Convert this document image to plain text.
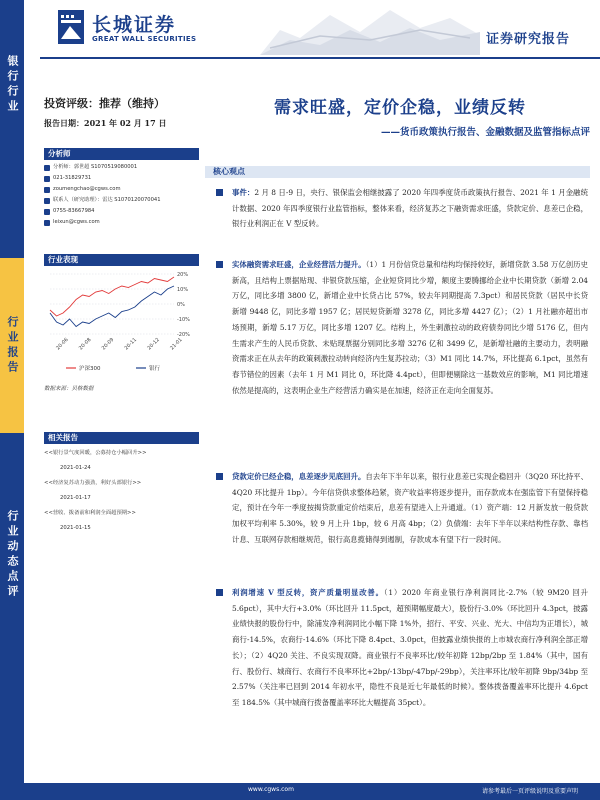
银行行业
行业报告
行业动态点评
长城证券
GREAT WALL SECURITIES	证券研究报告
投资评级：推荐（维持）
报告日期：2021 年 02 月 17 日
分析师
分析师：郭世超 S1070519080001
021-31829731
zoumengchao@cgws.com
联系人（研究助理）：雷达 S1070120070041
0755-83667984
leixun@cgws.com
行业表现
20%
10%
0%
-10%
-20%
20-06 20-08 20-09 20-11 20-12 21-01
沪深300	银行
数据来源：贝格数据
相关报告
<<银行景气度回暖，公募持仓小幅回升>>
2021-01-24
<<经济复苏动力强劲，利好头部银行>>
2021-01-17
<<营收、拨备前和利润全面超预期>>
2021-01-15
需求旺盛，定价企稳，业绩反转
——货币政策执行报告、金融数据及监管指标点评
核心观点
事件：2 月 8 日-9 日，央行、银保监会相继披露了 2020 年四季度货币政策执行报告、2021 年 1 月金融统计数据、2020 年四季度银行业监管指标，整体来看，经济复苏之下融资需求旺盛，贷款定价、息差已企稳，银行业利润正在 V 型反转。
实体融资需求旺盛，企业经营活力提升。（1）1 月份信贷总量和结构均保持较好，新增贷款 3.58 万亿创历史新高，且结构上票据贴现、非银贷款压缩，企业短贷同比少增，额度主要腾挪给企业中长期贷款（新增 2.04 万亿，同比多增 3800 亿，新增企业中长贷占比 57%，较去年同期提高 7.3pct）和居民贷款（居民中长贷新增 9448 亿，同比多增 1957 亿；居民短贷新增 3278 亿，同比多增 4427 亿）；（2）1 月社融亦超出市场预期，新增 5.17 万亿，同比多增 1207 亿。结构上，外生刺激拉动的政府债券同比少增 5176 亿，但内生需求产生的人民币贷款、未贴现票据分别同比多增 3276 亿和 3499 亿，是新增社融的主要动力，表明融资需求正在从去年的政策刺激拉动转向经济内生复苏拉动；（3）M1 同比 14.7%，环比提高 6.1pct，虽然有春节错位的因素（去年 1 月 M1 同比 0，环比降 4.4pct），但即便剔除这一基数效应的影响，M1 同比增速依然是提高的，这表明企业生产经营活力确实是在加速，经济正在走向全面复苏。
贷款定价已经企稳，息差逐步见底回升。自去年下半年以来，银行业息差已实现企稳回升（3Q20 环比持平、4Q20 环比提升 1bp）。今年信贷供求整体趋紧，资产收益率将逐步提升，而存款成本在强监管下有望保持稳定，预计在今年一季度按揭贷款重定价结束后，息差有望进入上升通道。（1）资产端：12 月新发放一般贷款加权平均利率 5.30%，较 9 月上升 1bp，较 6 月高 4bp；（2）负债端：去年下半年以来结构性存款、靠档计息、互联网存款相继规范，银行高息揽储得到遏制，存款成本有望下行一段时间。
利润增速 V 型反转，资产质量明显改善。（1）2020 年商业银行净利润同比-2.7%（较 9M20 回升 5.6pct），其中大行+3.0%（环比回升 11.5pct，超预期幅度最大），股份行-3.0%（环比回升 4.3pct，披露业绩快报的股份行中，除浦发净利润同比小幅下降 1%外，招行、平安、兴业、光大、中信均为正增长），城商行-14.5%，农商行-14.6%（环比下降 8.4pct、3.0pct，但披露业绩快报的上市城农商行净利润全部正增长）；（2）4Q20 关注、不良实现双降。商业银行不良率环比/较年初降 12bp/2bp 至 1.84%（其中，国有行、股份行、城商行、农商行不良率环比+2bp/-13bp/-47bp/-29bp），关注率环比/较年初降 9bp/34bp 至 2.57%（关注率已回到 2014 年初水平，隐性不良是近七年最低的时候）。整体拨备覆盖率环比提升 4.6pct 至 184.5%（其中城商行拨备覆盖率环比大幅提高 35pct）。
www.cgws.com	请参考最后一页评级说明及重要声明
